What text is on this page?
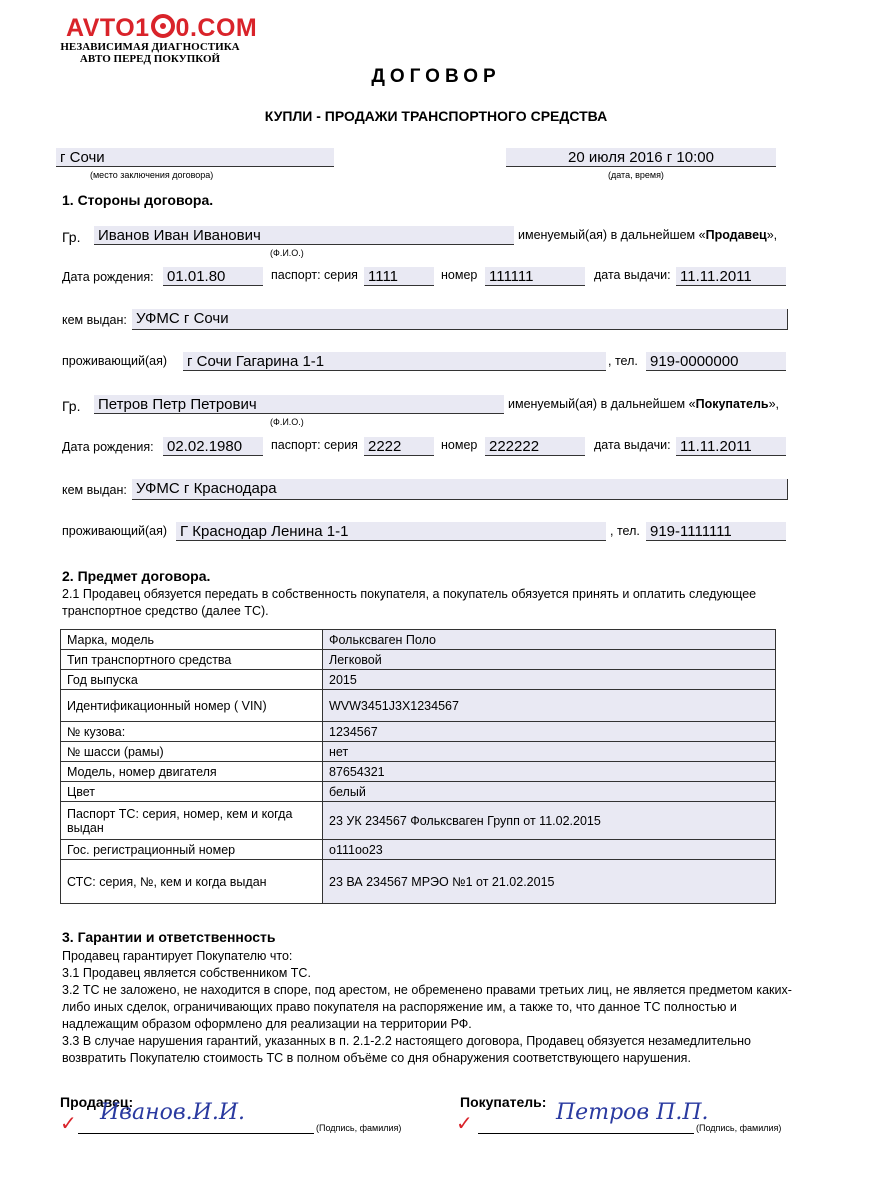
AVTO1 0.COM
НЕЗАВИСИМАЯ ДИАГНОСТИКА
АВТО ПЕРЕД ПОКУПКОЙ
ДОГОВОР
КУПЛИ - ПРОДАЖИ ТРАНСПОРТНОГО СРЕДСТВА
г Сочи
(место заключения договора)
20 июля 2016 г 10:00
(дата, время)
1. Стороны договора.
Гр. Иванов Иван Иванович	именуемый(ая) в дальнейшем «Продавец»,
(Ф.И.О.)
Дата рождения: 01.01.80	паспорт: серия 1111	номер 111111	дата выдачи: 11.11.2011
кем выдан: УФМС г Сочи
проживающий(ая) г Сочи Гагарина 1-1	, тел. 919-0000000
Гр. Петров Петр Петрович	именуемый(ая) в дальнейшем «Покупатель»,
(Ф.И.О.)
Дата рождения: 02.02.1980	паспорт: серия 2222	номер 222222	дата выдачи: 11.11.2011
кем выдан: УФМС г Краснодара
проживающий(ая) Г Краснодар Ленина 1-1	, тел. 919-1111111
2. Предмет договора.
2.1 Продавец обязуется передать в собственность покупателя, а покупатель обязуется принять и оплатить следующее транспортное средство (далее ТС).
Марка, модель	Фольксваген Поло
Тип транспортного средства	Легковой
Год выпуска	2015
Идентификационный номер ( VIN)	WVW3451J3X1234567
№ кузова:	1234567
№ шасси (рамы)	нет
Модель, номер двигателя	87654321
Цвет	белый
Паспорт ТС: серия, номер, кем и когда выдан	23 УК 234567 Фольксваген Групп от 11.02.2015
Гос. регистрационный номер	о111оо23
СТС: серия, №, кем и когда выдан	23 ВА 234567 МРЭО №1 от 21.02.2015
3. Гарантии и ответственность
Продавец гарантирует Покупателю что:
3.1 Продавец является собственником ТС.
3.2 ТС не заложено, не находится в споре, под арестом, не обременено правами третьих лиц, не является предметом каких-либо иных сделок, ограничивающих право покупателя на распоряжение им, а также то, что данное ТС полностью и надлежащим образом оформлено для реализации на территории РФ.
3.3 В случае нарушения гарантий, указанных в п. 2.1-2.2 настоящего договора, Продавец обязуется незамедлительно возвратить Покупателю стоимость ТС в полном объёме со дня обнаружения соответствующего нарушения.
Продавец:
✓ Иванов.И.И.
(Подпись, фамилия)
Покупатель:
✓	Петров П.П.
(Подпись, фамилия)
